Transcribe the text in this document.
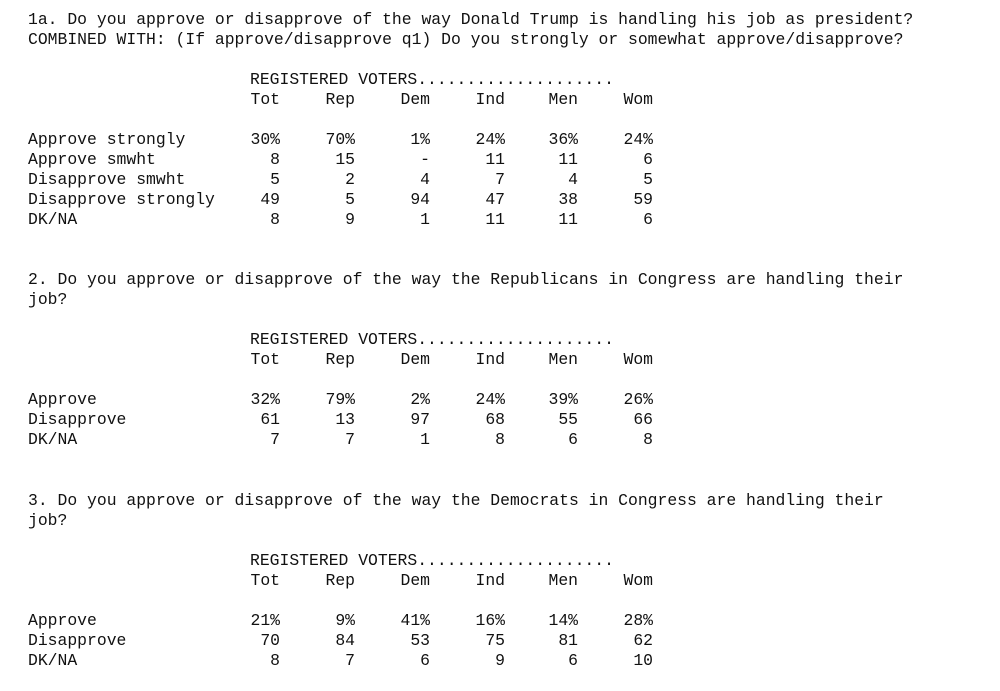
1a. Do you approve or disapprove of the way Donald Trump is handling his job as president?
COMBINED WITH: (If approve/disapprove q1) Do you strongly or somewhat approve/disapprove?
REGISTERED VOTERS....................
Tot	Rep	Dem	Ind	Men	Wom
Approve strongly	30%	70%	1%	24%	36%	24%
Approve smwht	8	15	-	11	11	6
Disapprove smwht	5	2	4	7	4	5
Disapprove strongly	49	5	94	47	38	59
DK/NA	8	9	1	11	11	6
2. Do you approve or disapprove of the way the Republicans in Congress are handling their
job?
REGISTERED VOTERS....................
Tot	Rep	Dem	Ind	Men	Wom
Approve	32%	79%	2%	24%	39%	26%
Disapprove	61	13	97	68	55	66
DK/NA	7	7	1	8	6	8
3. Do you approve or disapprove of the way the Democrats in Congress are handling their
job?
REGISTERED VOTERS....................
Tot	Rep	Dem	Ind	Men	Wom
Approve	21%	9%	41%	16%	14%	28%
Disapprove	70	84	53	75	81	62
DK/NA	8	7	6	9	6	10
